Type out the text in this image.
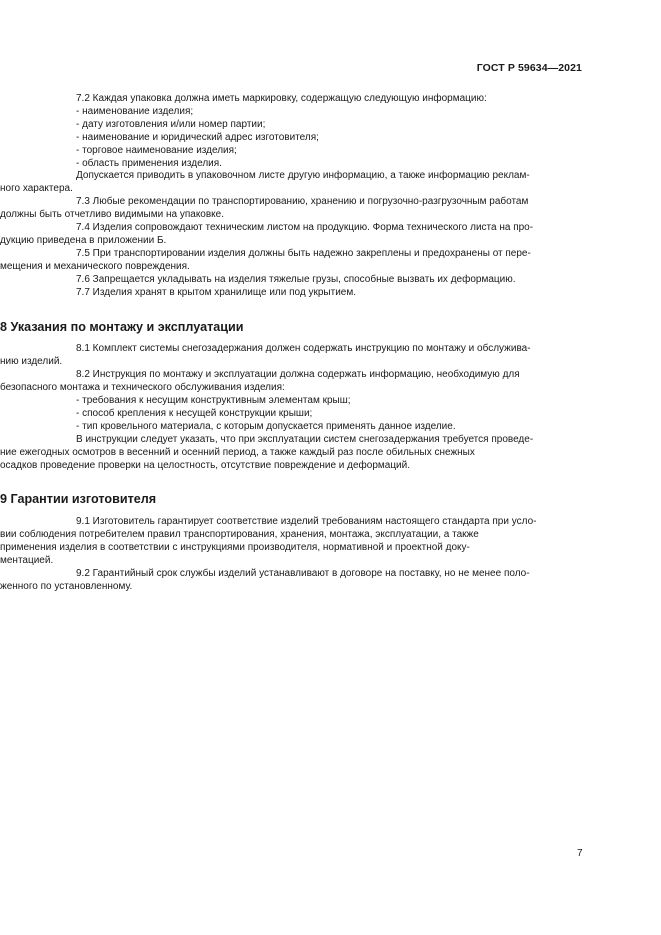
ГОСТ Р 59634—2021
7.2 Каждая упаковка должна иметь маркировку, содержащую следующую информацию:
- наименование изделия;
- дату изготовления и/или номер партии;
- наименование и юридический адрес изготовителя;
- торговое наименование изделия;
- область применения изделия.
Допускается приводить в упаковочном листе другую информацию, а также информацию реклам-
ного характера.
7.3 Любые рекомендации по транспортированию, хранению и погрузочно-разгрузочным работам
должны быть отчетливо видимыми на упаковке.
7.4 Изделия сопровождают техническим листом на продукцию. Форма технического листа на про-
дукцию приведена в приложении Б.
7.5 При транспортировании изделия должны быть надежно закреплены и предохранены от пере-
мещения и механического повреждения.
7.6 Запрещается укладывать на изделия тяжелые грузы, способные вызвать их деформацию.
7.7 Изделия хранят в крытом хранилище или под укрытием.
8 Указания по монтажу и эксплуатации
8.1 Комплект системы снегозадержания должен содержать инструкцию по монтажу и обслужива-
нию изделий.
8.2 Инструкция по монтажу и эксплуатации должна содержать информацию, необходимую для
безопасного монтажа и технического обслуживания изделия:
- требования к несущим конструктивным элементам крыш;
- способ крепления к несущей конструкции крыши;
- тип кровельного материала, с которым допускается применять данное изделие.
В инструкции следует указать, что при эксплуатации систем снегозадержания требуется проведе-
ние ежегодных осмотров в весенний и осенний период, а также каждый раз после обильных снежных
осадков проведение проверки на целостность, отсутствие повреждение и деформаций.
9 Гарантии изготовителя
9.1 Изготовитель гарантирует соответствие изделий требованиям настоящего стандарта при усло-
вии соблюдения потребителем правил транспортирования, хранения, монтажа, эксплуатации, а также
применения изделия в соответствии с инструкциями производителя, нормативной и проектной доку-
ментацией.
9.2 Гарантийный срок службы изделий устанавливают в договоре на поставку, но не менее поло-
женного по установленному.
7
